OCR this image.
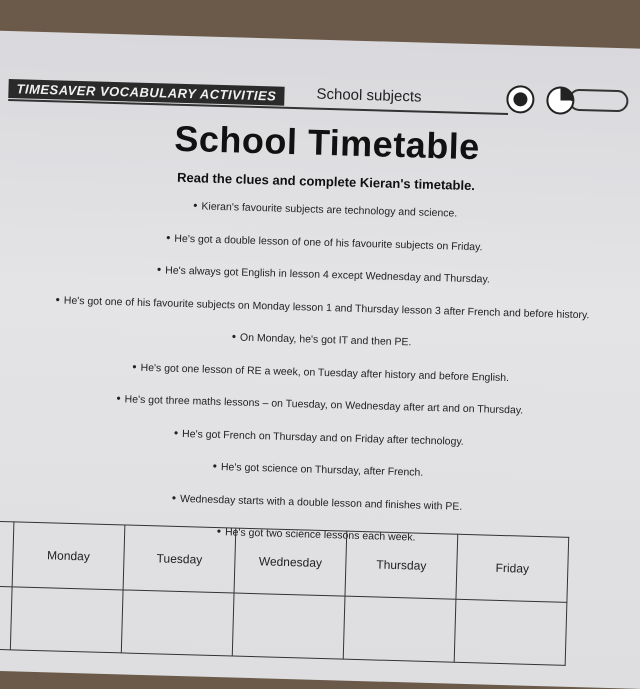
TIMESAVER VOCABULARY ACTIVITIES	School subjects
School Timetable
Read the clues and complete Kieran's timetable.
• Kieran's favourite subjects are technology and science.
• He's got a double lesson of one of his favourite subjects on Friday.
• He's always got English in lesson 4 except Wednesday and Thursday.
• He's got one of his favourite subjects on Monday lesson 1 and Thursday lesson 3 after French and before history.
• On Monday, he's got IT and then PE.
• He's got one lesson of RE a week, on Tuesday after history and before English.
• He's got three maths lessons – on Tuesday, on Wednesday after art and on Thursday.
• He's got French on Thursday and on Friday after technology.
• He's got science on Thursday, after French.
• Wednesday starts with a double lesson and finishes with PE.
• He's got two science lessons each week.
	Monday	Tuesday	Wednesday	Thursday	Friday
